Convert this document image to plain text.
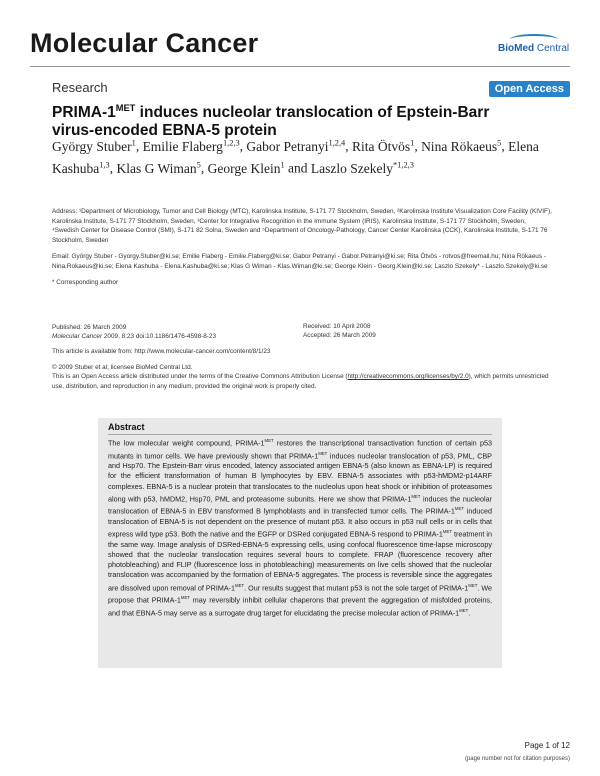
Molecular Cancer	BioMed Central
Research	Open Access
PRIMA-$1^{MET}$ induces nucleolar translocation of Epstein-Barr
virus-encoded EBNA-5 protein
György Stuber$^1$, Emilie Flaberg$^{1,2,3}$, Gabor Petranyi$^{1,2,4}$, Rita Ötvös$^1$, Nina Rökaeus$^5$, Elena Kashuba$^{1,3}$, Klas G Wiman$^5$, George Klein$^1$ and Laszlo Szekely$^{*1,2,3}$
Address: ¹Department of Microbiology, Tumor and Cell Biology (MTC), Karolinska Institute, S-171 77 Stockholm, Sweden, ²Karolinska Institute Visualization Core Facility (KIVIF), Karolinska Institute, S-171 77 Stockholm, Sweden, ³Center for Integrative Recognition in the Immune System (IRIS), Karolinska Institute, S-171 77 Stockholm, Sweden, ⁴Swedish Center for Disease Control (SMI), S-171 82 Solna, Sweden and ⁵Department of Oncology-Pathology, Cancer Center Karolinska (CCK), Karolinska Institute, S-171 76 Stockholm, Sweden
Email: György Stuber - Gyorgy.Stuber@ki.se; Emilie Flaberg - Emilie.Flaberg@ki.se; Gabor Petranyi - Gabor.Petranyi@ki.se; Rita Ötvös - rotvos@freemail.hu; Nina Rökaeus - Nina.Rokaeus@ki.se; Elena Kashuba - Elena.Kashuba@ki.se; Klas G Wiman - Klas.Wiman@ki.se; George Klein - Georg.Klein@ki.se; Laszlo Szekely* - Laszlo.Szekely@ki.se
* Corresponding author
Published: 26 March 2009
Molecular Cancer 2009, 8:23 doi:10.1186/1476-4598-8-23
Received: 10 April 2008
Accepted: 26 March 2009
This article is available from: http://www.molecular-cancer.com/content/8/1/23
© 2009 Stuber et al; licensee BioMed Central Ltd.
This is an Open Access article distributed under the terms of the Creative Commons Attribution License (http://creativecommons.org/licenses/by/2.0), which permits unrestricted use, distribution, and reproduction in any medium, provided the original work is properly cited.
Abstract
The low molecular weight compound, PRIMA-$1^{MET}$ restores the transcriptional transactivation function of certain p53 mutants in tumor cells. We have previously shown that PRIMA-$1^{MET}$ induces nucleolar translocation of p53, PML, CBP and Hsp70. The Epstein-Barr virus encoded, latency associated antigen EBNA-5 (also known as EBNA-LP) is required for the efficient transformation of human B lymphocytes by EBV. EBNA-5 associates with p53-hMDM2-p14ARF complexes. EBNA-5 is a nuclear protein that translocates to the nucleolus upon heat shock or inhibition of proteasomes along with p53, hMDM2, Hsp70, PML and proteasome subunits. Here we show that PRIMA-$1^{MET}$ induces the nucleolar translocation of EBNA-5 in EBV transformed B lymphoblasts and in transfected tumor cells. The PRIMA-$1^{MET}$ induced translocation of EBNA-5 is not dependent on the presence of mutant p53. It also occurs in p53 null cells or in cells that express wild type p53. Both the native and the EGFP or DSRed conjugated EBNA-5 respond to PRIMA-$1^{MET}$ treatment in the same way. Image analysis of DSRed-EBNA-5 expressing cells, using confocal fluorescence time-lapse microscopy showed that the nucleolar translocation requires several hours to complete. FRAP (fluorescence recovery after photobleaching) and FLIP (fluorescence loss in photobleaching) measurements on live cells showed that the nucleolar translocation was accompanied by the formation of EBNA-5 aggregates. The process is reversible since the aggregates are dissolved upon removal of PRIMA-$1^{MET}$. Our results suggest that mutant p53 is not the sole target of PRIMA-$1^{MET}$. We propose that PRIMA-$1^{MET}$ may reversibly inhibit cellular chaperons that prevent the aggregation of misfolded proteins, and that EBNA-5 may serve as a surrogate drug target for elucidating the precise molecular action of PRIMA-$1^{MET}$.
Page 1 of 12
(page number not for citation purposes)
